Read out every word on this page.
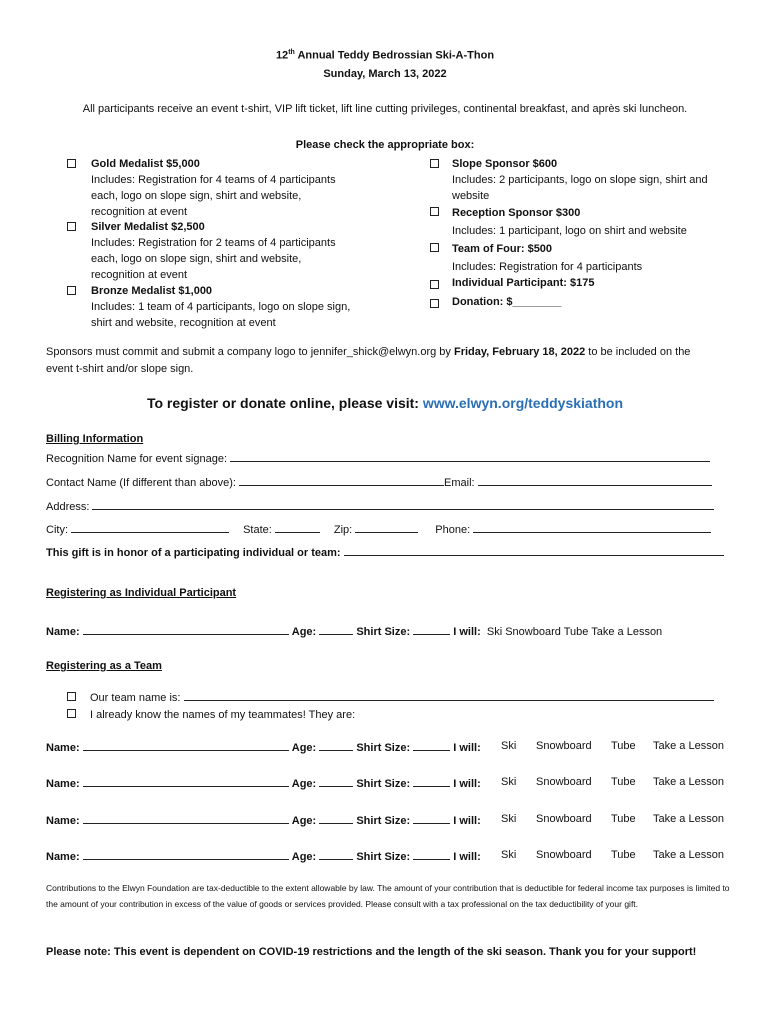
12th Annual Teddy Bedrossian Ski-A-Thon
Sunday, March 13, 2022
All participants receive an event t-shirt, VIP lift ticket, lift line cutting privileges, continental breakfast, and après ski luncheon.
Please check the appropriate box:
Gold Medalist $5,000
Includes: Registration for 4 teams of 4 participants
each, logo on slope sign, shirt and website,
recognition at event
Silver Medalist $2,500
Includes: Registration for 2 teams of 4 participants
each, logo on slope sign, shirt and website,
recognition at event
Bronze Medalist $1,000
Includes: 1 team of 4 participants, logo on slope sign,
shirt and website, recognition at event
Slope Sponsor $600
Includes: 2 participants, logo on slope sign, shirt and
website
Reception Sponsor $300
Includes: 1 participant, logo on shirt and website
Team of Four: $500
Includes: Registration for 4 participants
Individual Participant: $175
Donation: $________
Sponsors must commit and submit a company logo to jennifer_shick@elwyn.org by Friday, February 18, 2022 to be included on the
event t-shirt and/or slope sign.
To register or donate online, please visit: www.elwyn.org/teddyskiathon
Billing Information
Recognition Name for event signage:
Contact Name (If different than above):	Email:
Address:
City:	State:	Zip:	Phone:
This gift is in honor of a participating individual or team:
Registering as Individual Participant
Name:	Age:	Shirt Size:	I will: Ski Snowboard Tube Take a Lesson
Registering as a Team
Our team name is:
I already know the names of my teammates! They are:
Name:	Age:	Shirt Size:	I will: Ski Snowboard Tube Take a Lesson
Name:	Age:	Shirt Size:	I will: Ski Snowboard Tube Take a Lesson
Name:	Age:	Shirt Size:	I will: Ski Snowboard Tube Take a Lesson
Name:	Age:	Shirt Size:	I will: Ski Snowboard Tube Take a Lesson
Contributions to the Elwyn Foundation are tax-deductible to the extent allowable by law. The amount of your contribution that is deductible for federal income tax purposes is limited to the amount of your contribution in excess of the value of goods or services provided. Please consult with a tax professional on the tax deductibility of your gift.
Please note: This event is dependent on COVID-19 restrictions and the length of the ski season. Thank you for your support!
